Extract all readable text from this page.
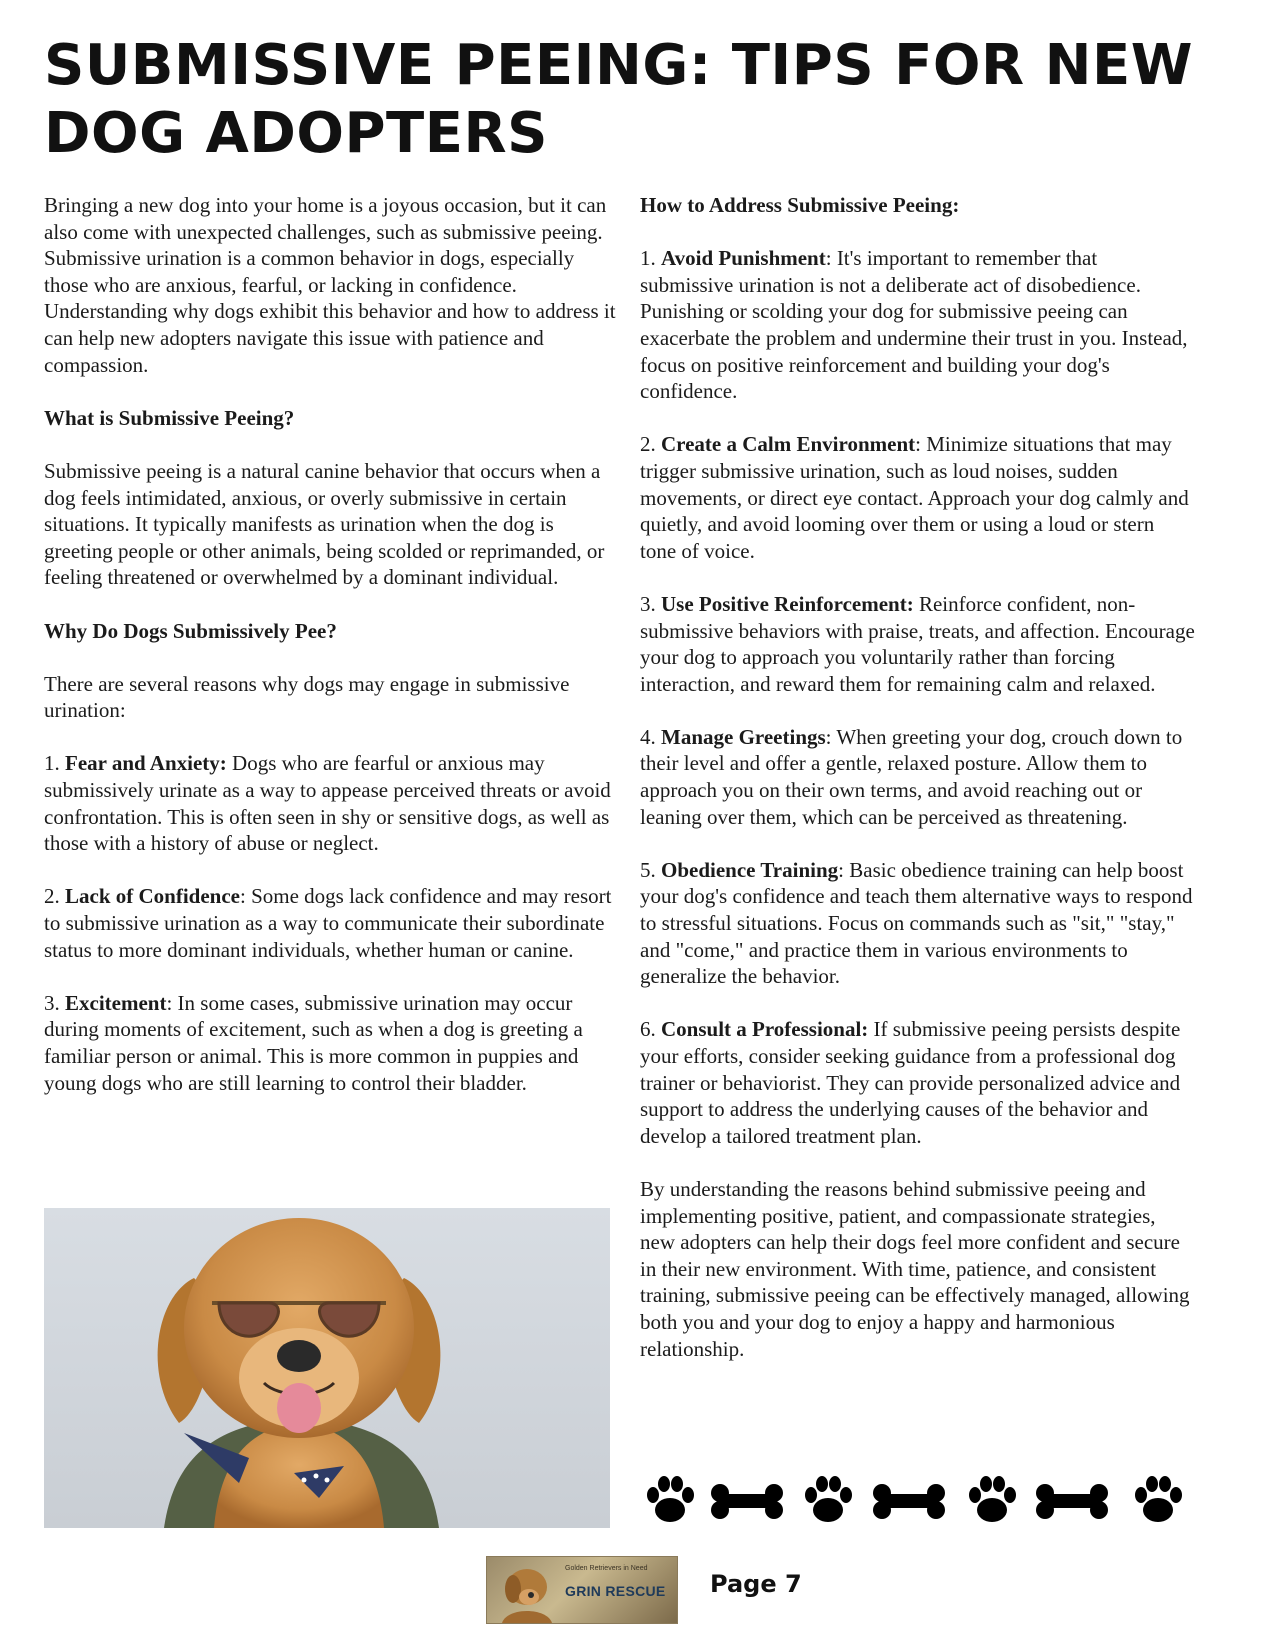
SUBMISSIVE PEEING: TIPS FOR NEW DOG ADOPTERS

Bringing a new dog into your home is a joyous occasion, but it can also come with unexpected challenges, such as submissive peeing. Submissive urination is a common behavior in dogs, especially those who are anxious, fearful, or lacking in confidence. Understanding why dogs exhibit this behavior and how to address it can help new adopters navigate this issue with patience and compassion.

What is Submissive Peeing?

Submissive peeing is a natural canine behavior that occurs when a dog feels intimidated, anxious, or overly submissive in certain situations. It typically manifests as urination when the dog is greeting people or other animals, being scolded or reprimanded, or feeling threatened or overwhelmed by a dominant individual.

Why Do Dogs Submissively Pee?

There are several reasons why dogs may engage in submissive urination:

1. Fear and Anxiety: Dogs who are fearful or anxious may submissively urinate as a way to appease perceived threats or avoid confrontation. This is often seen in shy or sensitive dogs, as well as those with a history of abuse or neglect.

2. Lack of Confidence: Some dogs lack confidence and may resort to submissive urination as a way to communicate their subordinate status to more dominant individuals, whether human or canine.

3. Excitement: In some cases, submissive urination may occur during moments of excitement, such as when a dog is greeting a familiar person or animal. This is more common in puppies and young dogs who are still learning to control their bladder.

How to Address Submissive Peeing:

1. Avoid Punishment: It's important to remember that submissive urination is not a deliberate act of disobedience. Punishing or scolding your dog for submissive peeing can exacerbate the problem and undermine their trust in you. Instead, focus on positive reinforcement and building your dog's confidence.

2. Create a Calm Environment: Minimize situations that may trigger submissive urination, such as loud noises, sudden movements, or direct eye contact. Approach your dog calmly and quietly, and avoid looming over them or using a loud or stern tone of voice.

3. Use Positive Reinforcement: Reinforce confident, non-submissive behaviors with praise, treats, and affection. Encourage your dog to approach you voluntarily rather than forcing interaction, and reward them for remaining calm and relaxed.

4. Manage Greetings: When greeting your dog, crouch down to their level and offer a gentle, relaxed posture. Allow them to approach you on their own terms, and avoid reaching out or leaning over them, which can be perceived as threatening.

5. Obedience Training: Basic obedience training can help boost your dog's confidence and teach them alternative ways to respond to stressful situations. Focus on commands such as "sit," "stay," and "come," and practice them in various environments to generalize the behavior.

6. Consult a Professional: If submissive peeing persists despite your efforts, consider seeking guidance from a professional dog trainer or behaviorist. They can provide personalized advice and support to address the underlying causes of the behavior and develop a tailored treatment plan.

By understanding the reasons behind submissive peeing and implementing positive, patient, and compassionate strategies, new adopters can help their dogs feel more confident and secure in their new environment. With time, patience, and consistent training, submissive peeing can be effectively managed, allowing both you and your dog to enjoy a happy and harmonious relationship.

Golden Retrievers in Need
GRIN RESCUE	Page 7
